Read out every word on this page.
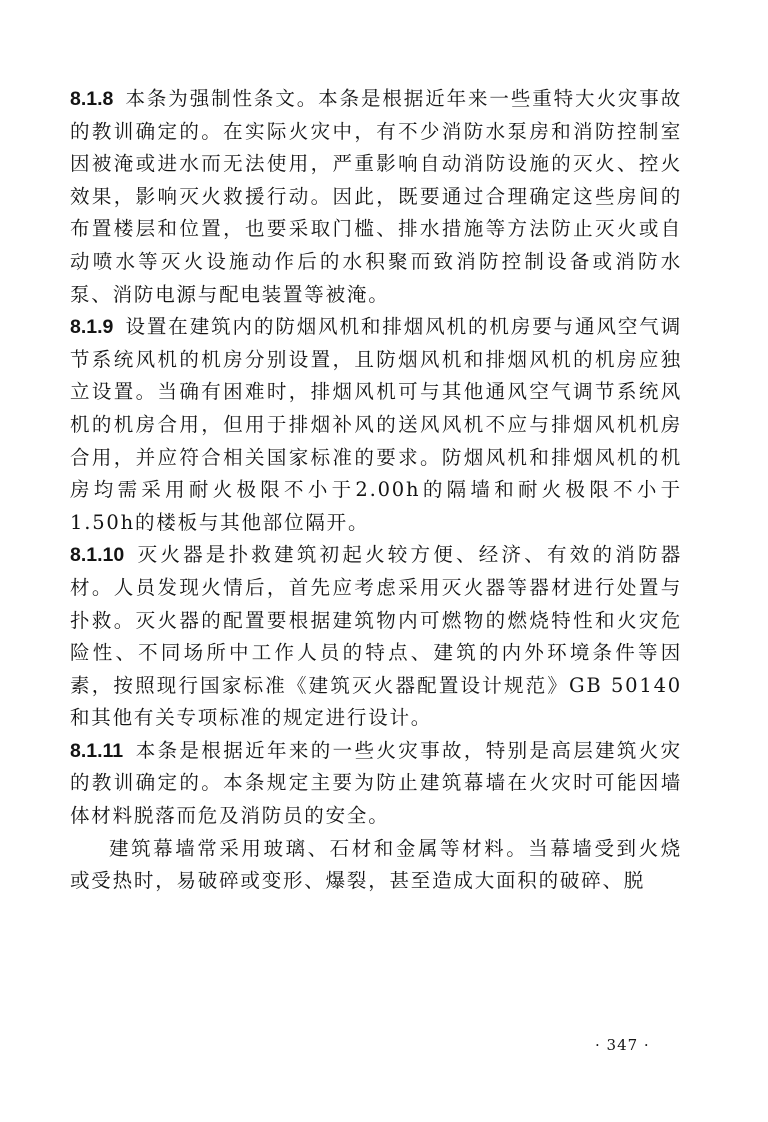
8.1.8 本条为强制性条文。本条是根据近年来一些重特大火灾事故的教训确定的。在实际火灾中，有不少消防水泵房和消防控制室因被淹或进水而无法使用，严重影响自动消防设施的灭火、控火效果，影响灭火救援行动。因此，既要通过合理确定这些房间的布置楼层和位置，也要采取门槛、排水措施等方法防止灭火或自动喷水等灭火设施动作后的水积聚而致消防控制设备或消防水泵、消防电源与配电装置等被淹。

8.1.9 设置在建筑内的防烟风机和排烟风机的机房要与通风空气调节系统风机的机房分别设置，且防烟风机和排烟风机的机房应独立设置。当确有困难时，排烟风机可与其他通风空气调节系统风机的机房合用，但用于排烟补风的送风风机不应与排烟风机机房合用，并应符合相关国家标准的要求。防烟风机和排烟风机的机房均需采用耐火极限不小于2.00h的隔墙和耐火极限不小于1.50h的楼板与其他部位隔开。

8.1.10 灭火器是扑救建筑初起火较方便、经济、有效的消防器材。人员发现火情后，首先应考虑采用灭火器等器材进行处置与扑救。灭火器的配置要根据建筑物内可燃物的燃烧特性和火灾危险性、不同场所中工作人员的特点、建筑的内外环境条件等因素，按照现行国家标准《建筑灭火器配置设计规范》GB 50140和其他有关专项标准的规定进行设计。

8.1.11 本条是根据近年来的一些火灾事故，特别是高层建筑火灾的教训确定的。本条规定主要为防止建筑幕墙在火灾时可能因墙体材料脱落而危及消防员的安全。

建筑幕墙常采用玻璃、石材和金属等材料。当幕墙受到火烧或受热时，易破碎或变形、爆裂，甚至造成大面积的破碎、脱

· 347 ·
